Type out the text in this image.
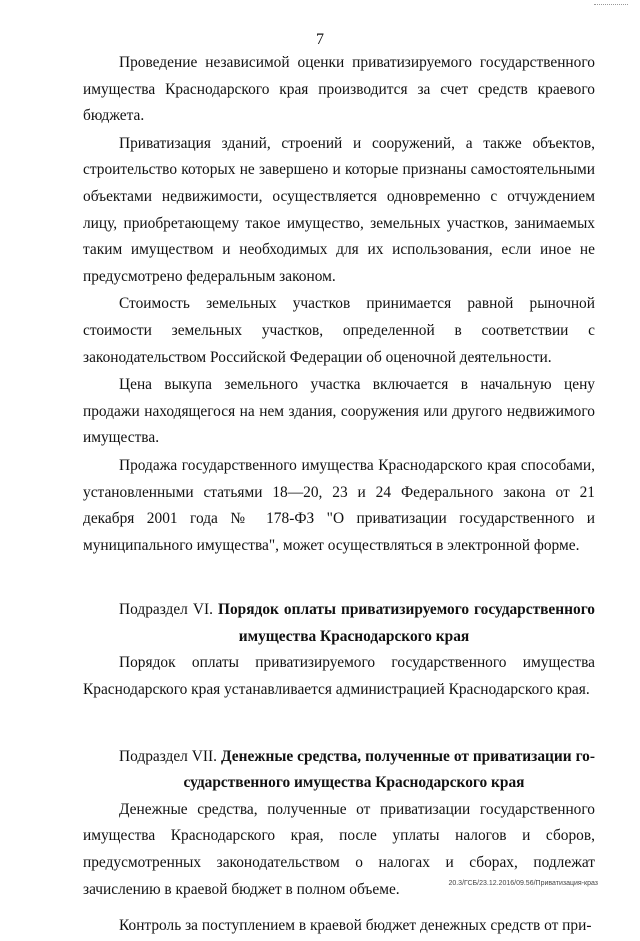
7

Проведение независимой оценки приватизируемого государственного имущества Краснодарского края производится за счет средств краевого бюджета.

Приватизация зданий, строений и сооружений, а также объектов, строительство которых не завершено и которые признаны самостоятельными объектами недвижимости, осуществляется одновременно с отчуждением лицу, приобретающему такое имущество, земельных участков, занимаемых таким имуществом и необходимых для их использования, если иное не предусмотрено федеральным законом.

Стоимость земельных участков принимается равной рыночной стоимости земельных участков, определенной в соответствии с законодательством Российской Федерации об оценочной деятельности.

Цена выкупа земельного участка включается в начальную цену продажи находящегося на нем здания, сооружения или другого недвижимого имущества.

Продажа государственного имущества Краснодарского края способами, установленными статьями 18—20, 23 и 24 Федерального закона от 21 декабря 2001 года № 178-ФЗ "О приватизации государственного и муниципального имущества", может осуществляться в электронной форме.

Подраздел VI. Порядок оплаты приватизируемого государственного
имущества Краснодарского края

Порядок оплаты приватизируемого государственного имущества Краснодарского края устанавливается администрацией Краснодарского края.

Подраздел VII. Денежные средства, полученные от приватизации го-
сударственного имущества Краснодарского края

Денежные средства, полученные от приватизации государственного имущества Краснодарского края, после уплаты налогов и сборов, предусмотренных законодательством о налогах и сборах, подлежат зачислению в краевой бюджет в полном объеме.

Контроль за поступлением в краевой бюджет денежных средств от при-

20.3/ГСБ/23.12.2016/09.56/Приватизация-краз
